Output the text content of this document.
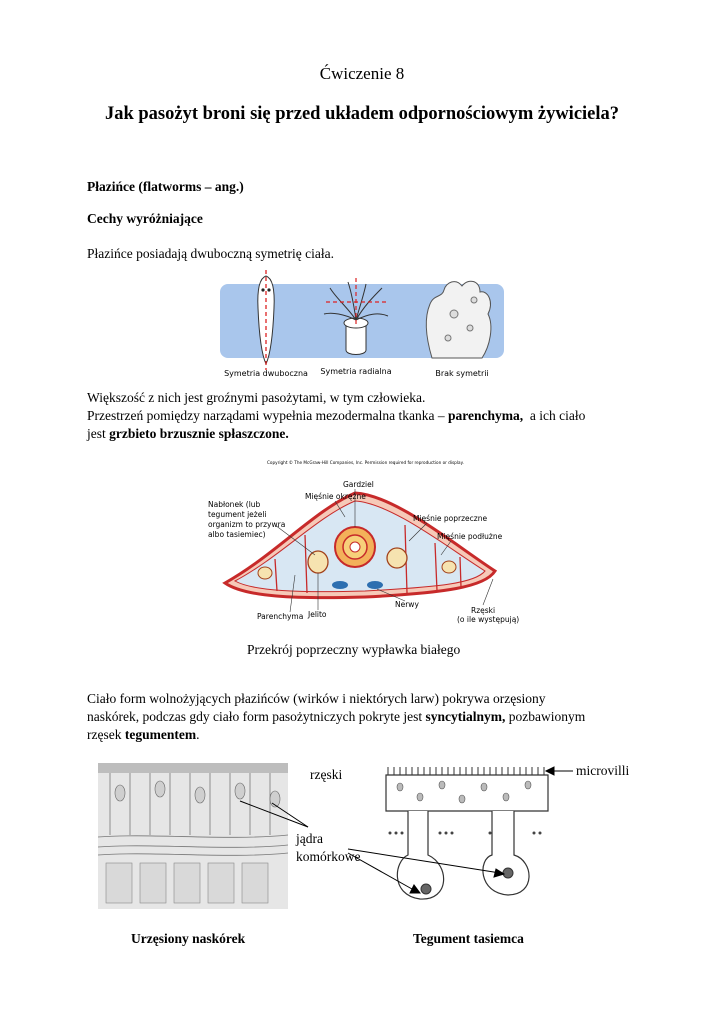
Ćwiczenie 8
Jak pasożyt broni się przed układem odpornościowym żywiciela?
Płazińce (flatworms – ang.)
Cechy wyróżniające
Płazińce posiadają dwuboczną symetrię ciała.
Symetria dwuboczna Symetria radialna	Brak symetrii
Większość z nich jest groźnymi pasożytami, w tym człowieka.
Przestrzeń pomiędzy narządami wypełnia mezodermalna tkanka – parenchyma,  a ich ciało
jest grzbieto brzusznie spłaszczone.
Copyright © The McGraw-Hill Companies, Inc. Permission required for reproduction or display.
Nabłonek (lub
tegument jeżeli
organizm to przywra
albo tasiemiec)
Gardziel
Mięśnie okrężne
Mięśnie poprzeczne
Mięśnie podłużne
Jelito
Parenchyma
Nerwy
Rzęski
(o ile występują)
Przekrój poprzeczny wypławka białego
Ciało form wolnożyjących płazińców (wirków i niektórych larw) pokrywa orzęsiony
naskórek, podczas gdy ciało form pasożytniczych pokryte jest syncytialnym, pozbawionym
rzęsek tegumentem.
rzęski
jądra
komórkowe
microvilli
Urzęsiony naskórek	Tegument tasiemca
